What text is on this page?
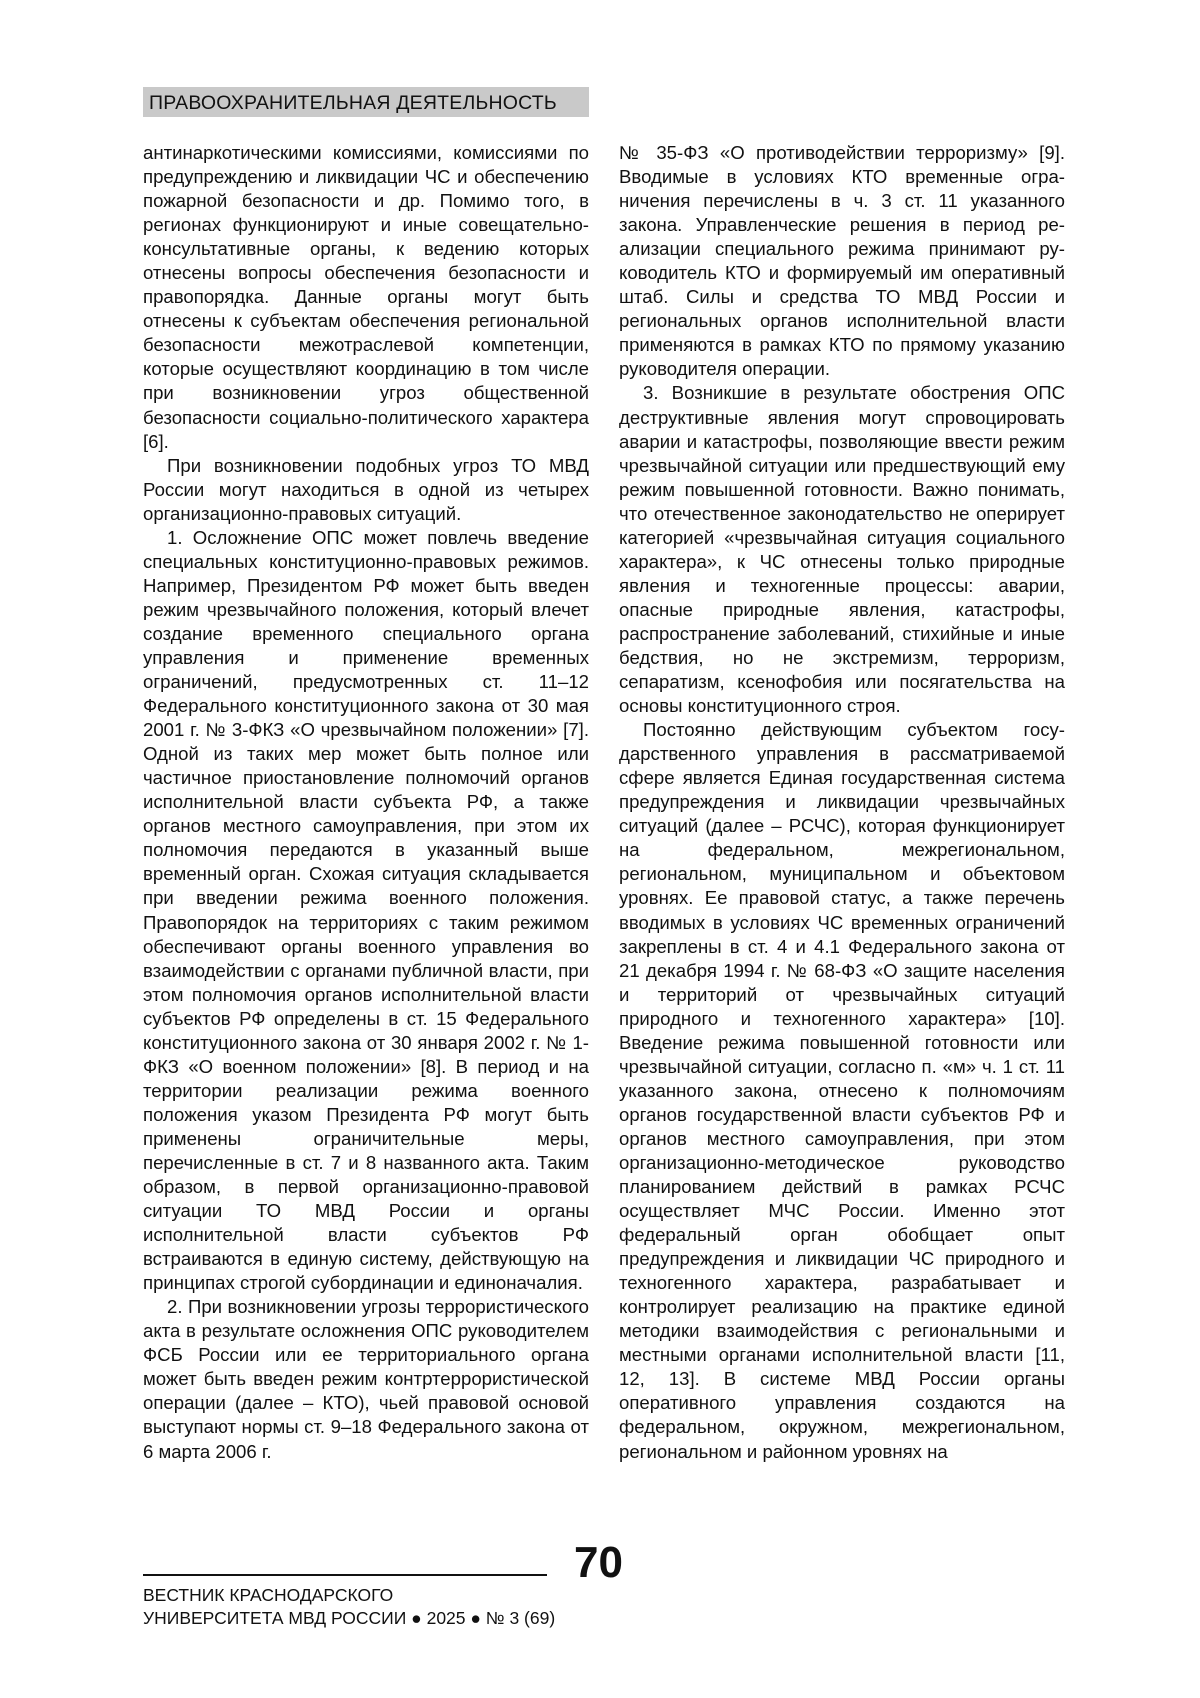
ПРАВООХРАНИТЕЛЬНАЯ ДЕЯТЕЛЬНОСТЬ

антинаркотическими комиссиями, комиссиями по предупреждению и ликвидации ЧС и обеспечению пожарной безопасности и др. Помимо того, в регионах функционируют и иные совещательно-консультативные органы, к ведению которых отнесены вопросы обеспечения безопасности и правопорядка. Данные органы могут быть отнесены к субъектам обеспечения региональной безопасности межотраслевой компетенции, которые осуществляют координацию в том числе при возникновении угроз общественной безопасности социально-политического характера [6].

При возникновении подобных угроз ТО МВД России могут находиться в одной из четырех организационно-правовых ситуаций.

1. Осложнение ОПС может повлечь введение специальных конституционно-правовых режимов. Например, Президентом РФ может быть введен режим чрезвычайного положения, который влечет создание временного специального органа управления и применение временных ограничений, предусмотренных ст. 11–12 Федерального конституционного закона от 30 мая 2001 г. № 3-ФКЗ «О чрезвычайном положении» [7]. Одной из таких мер может быть полное или частичное приостановление полномочий органов исполнительной власти субъекта РФ, а также органов местного самоуправления, при этом их полномочия передаются в указанный выше временный орган. Схожая ситуация складывается при введении режима военного положения. Правопорядок на территориях с таким режимом обеспечивают органы военного управления во взаимодействии с органами публичной власти, при этом полномочия органов исполнительной власти субъектов РФ определены в ст. 15 Федерального конституционного закона от 30 января 2002 г. № 1-ФКЗ «О военном положении» [8]. В период и на территории реализации режима военного положения указом Президента РФ могут быть применены ограничительные меры, перечисленные в ст. 7 и 8 названного акта. Таким образом, в первой организационно-правовой ситуации ТО МВД России и органы исполнительной власти субъектов РФ встраиваются в единую систему, действующую на принципах строгой субординации и единоначалия.

2. При возникновении угрозы террористического акта в результате осложнения ОПС руководителем ФСБ России или ее территориального органа может быть введен режим контртеррористической операции (далее – КТО), чьей правовой основой выступают нормы ст. 9–18 Федерального закона от 6 марта 2006 г.

№ 35-ФЗ «О противодействии терроризму» [9]. Вводимые в условиях КТО временные ограничения перечислены в ч. 3 ст. 11 указанного закона. Управленческие решения в период реализации специального режима принимают руководитель КТО и формируемый им оперативный штаб. Силы и средства ТО МВД России и региональных органов исполнительной власти применяются в рамках КТО по прямому указанию руководителя операции.

3. Возникшие в результате обострения ОПС деструктивные явления могут спровоцировать аварии и катастрофы, позволяющие ввести режим чрезвычайной ситуации или предшествующий ему режим повышенной готовности. Важно понимать, что отечественное законодательство не оперирует категорией «чрезвычайная ситуация социального характера», к ЧС отнесены только природные явления и техногенные процессы: аварии, опасные природные явления, катастрофы, распространение заболеваний, стихийные и иные бедствия, но не экстремизм, терроризм, сепаратизм, ксенофобия или посягательства на основы конституционного строя.

Постоянно действующим субъектом государственного управления в рассматриваемой сфере является Единая государственная система предупреждения и ликвидации чрезвычайных ситуаций (далее – РСЧС), которая функционирует на федеральном, межрегиональном, региональном, муниципальном и объектовом уровнях. Ее правовой статус, а также перечень вводимых в условиях ЧС временных ограничений закреплены в ст. 4 и 4.1 Федерального закона от 21 декабря 1994 г. № 68-ФЗ «О защите населения и территорий от чрезвычайных ситуаций природного и техногенного характера» [10]. Введение режима повышенной готовности или чрезвычайной ситуации, согласно п. «м» ч. 1 ст. 11 указанного закона, отнесено к полномочиям органов государственной власти субъектов РФ и органов местного самоуправления, при этом организационно-методическое руководство планированием действий в рамках РСЧС осуществляет МЧС России. Именно этот федеральный орган обобщает опыт предупреждения и ликвидации ЧС природного и техногенного характера, разрабатывает и контролирует реализацию на практике единой методики взаимодействия с региональными и местными органами исполнительной власти [11, 12, 13]. В системе МВД России органы оперативного управления создаются на федеральном, окружном, межрегиональном, региональном и районном уровнях на

70
ВЕСТНИК КРАСНОДАРСКОГО
УНИВЕРСИТЕТА МВД РОССИИ ● 2025 ● № 3 (69)
